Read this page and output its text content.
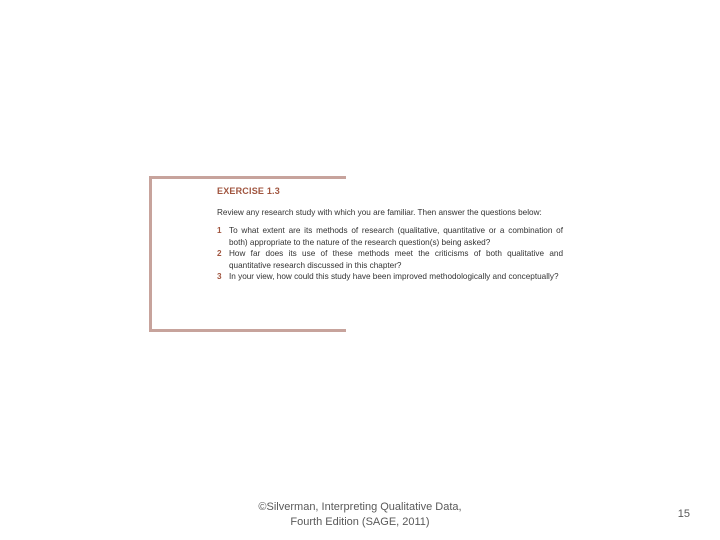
EXERCISE 1.3

Review any research study with which you are familiar. Then answer the questions below:

1 To what extent are its methods of research (qualitative, quantitative or a combination of both) appropriate to the nature of the research question(s) being asked?
2 How far does its use of these methods meet the criticisms of both qualitative and quantitative research discussed in this chapter?
3 In your view, how could this study have been improved methodologically and conceptually?
©Silverman, Interpreting Qualitative Data,
Fourth Edition (SAGE, 2011)
15
